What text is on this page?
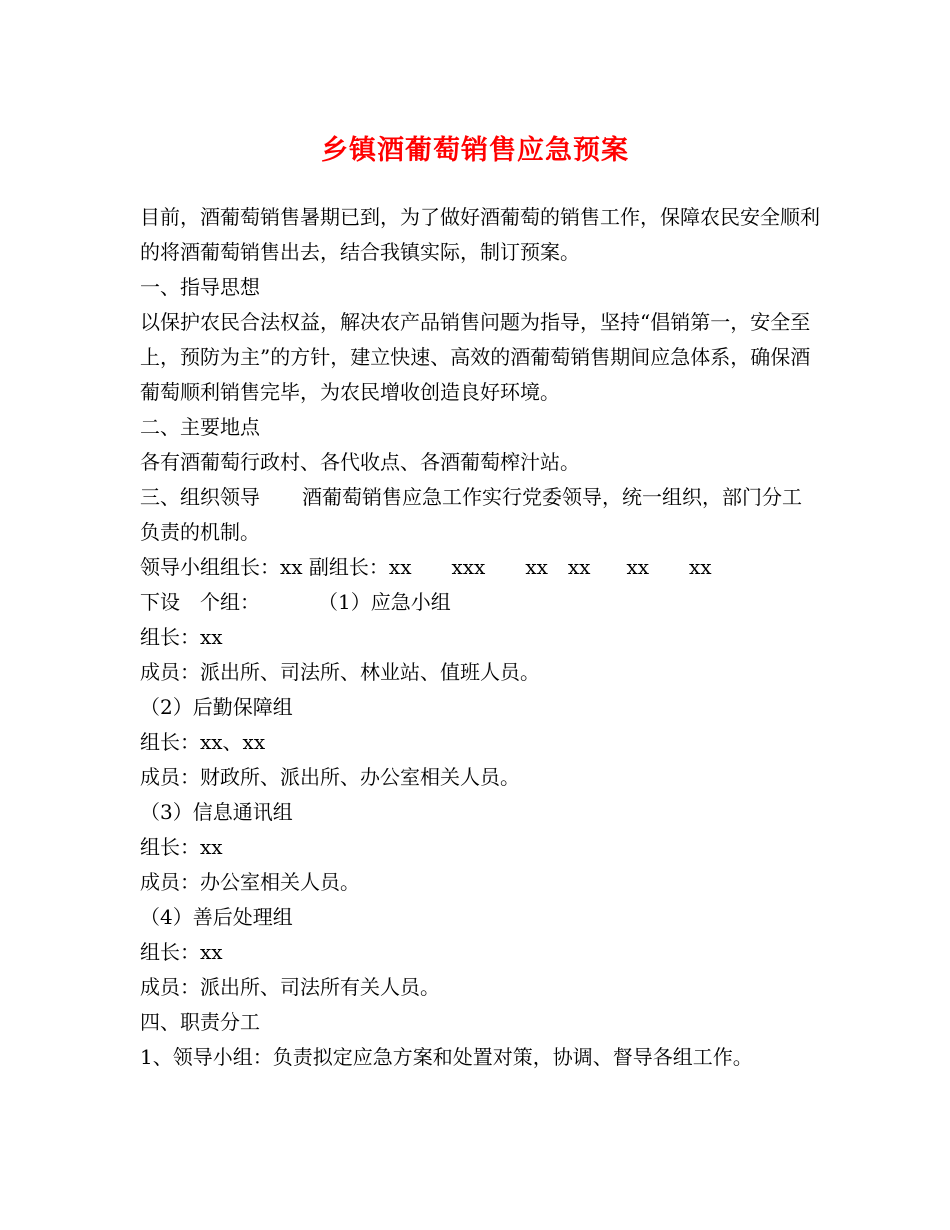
乡镇酒葡萄销售应急预案

目前，酒葡萄销售暑期已到，为了做好酒葡萄的销售工作，保障农民安全顺利的将酒葡萄销售出去，结合我镇实际，制订预案。

一、指导思想

以保护农民合法权益，解决农产品销售问题为指导，坚持“倡销第一，安全至上，预防为主”的方针，建立快速、高效的酒葡萄销售期间应急体系，确保酒葡萄顺利销售完毕，为农民增收创造良好环境。

二、主要地点

各有酒葡萄行政村、各代收点、各酒葡萄榨汁站。

三、组织领导 酒葡萄销售应急工作实行党委领导，统一组织，部门分工负责的机制。

领导小组组长：xx 副组长：xx xxx xx xx xx xx

下设 个组：	（1）应急小组

组长：xx

成员：派出所、司法所、林业站、值班人员。

（2）后勤保障组

组长：xx、xx

成员：财政所、派出所、办公室相关人员。

（3）信息通讯组

组长：xx

成员：办公室相关人员。

（4）善后处理组

组长：xx

成员：派出所、司法所有关人员。

四、职责分工

1、领导小组：负责拟定应急方案和处置对策，协调、督导各组工作。
